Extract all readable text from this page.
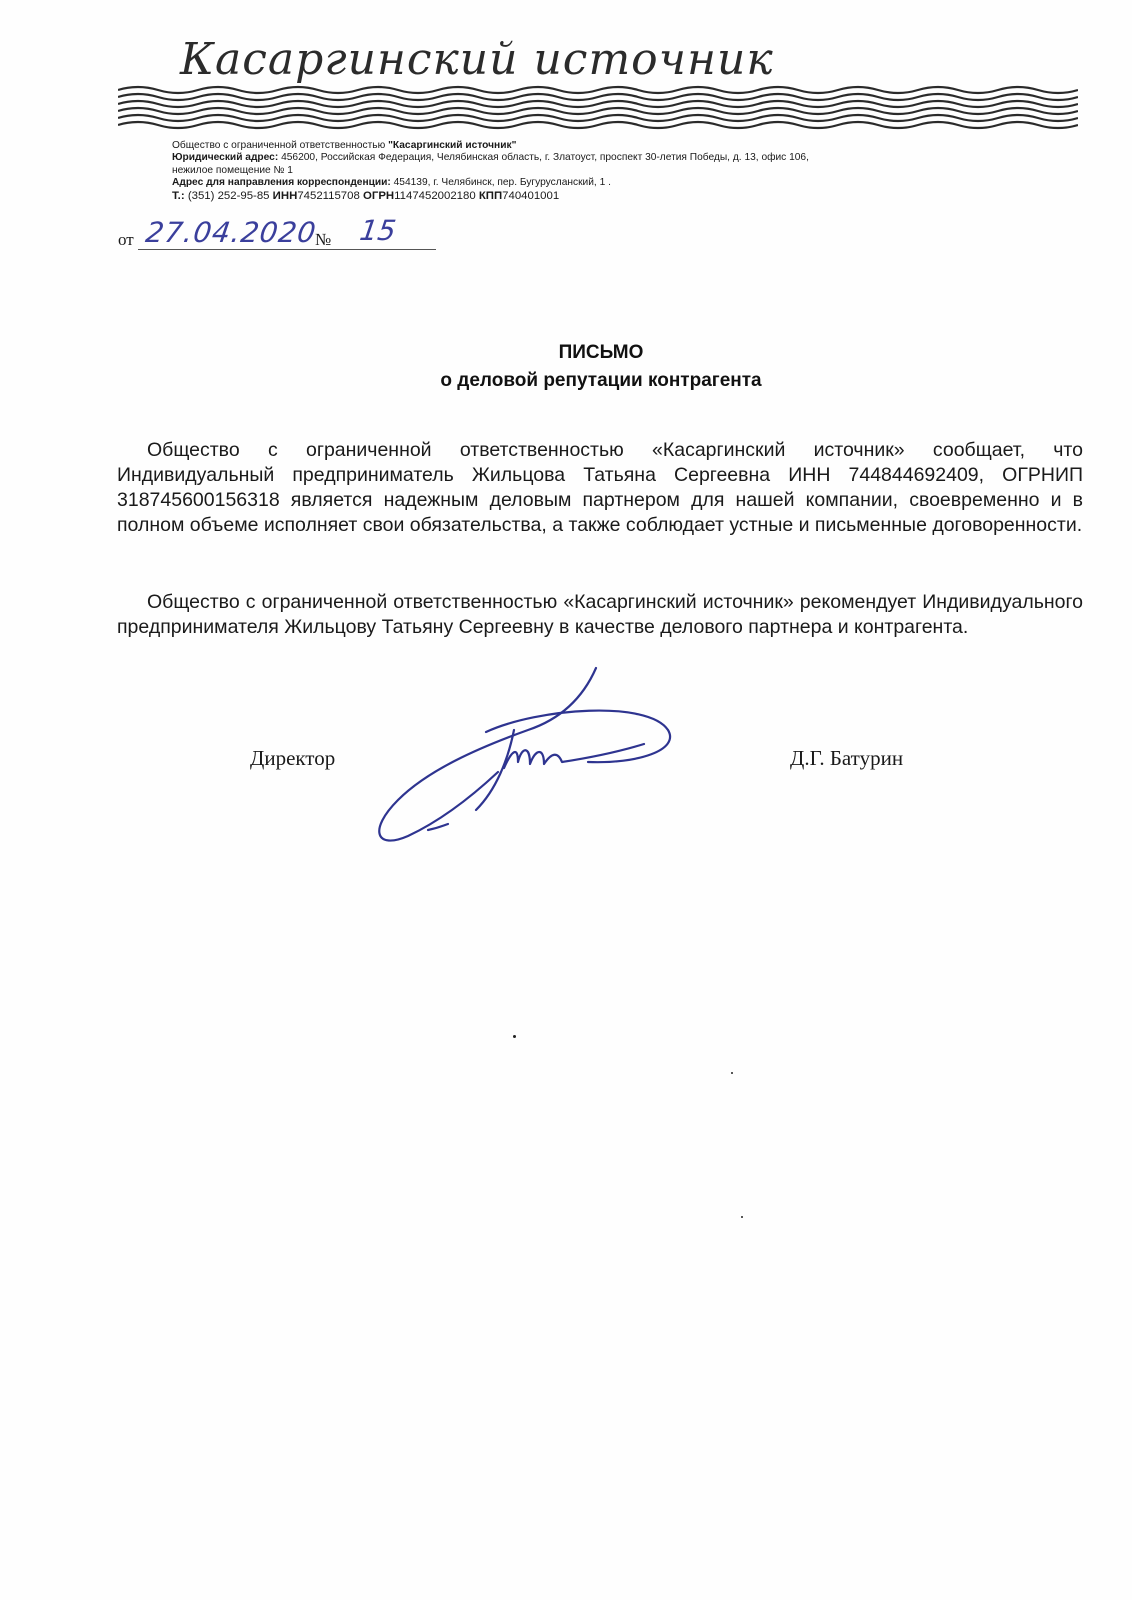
Касаргинский источник
Общество с ограниченной ответственностью "Касаргинский источник"
Юридический адрес: 456200, Российская Федерация, Челябинская область, г. Златоуст, проспект 30-летия Победы, д. 13, офис 106,
нежилое помещение № 1
Адрес для направления корреспонденции: 454139, г. Челябинск, пер. Бугурусланский, 1 .
Т.: (351) 252-95-85 ИНН7452115708 ОГРН1147452002180 КПП740401001
от 27.04.2020
№ 15
ПИСЬМО
о деловой репутации контрагента
Общество с ограниченной ответственностью «Касаргинский источник» сообщает, что Индивидуальный предприниматель Жильцова Татьяна Сергеевна ИНН 744844692409, ОГРНИП 318745600156318 является надежным деловым партнером для нашей компании, своевременно и в полном объеме исполняет свои обязательства, а также соблюдает устные и письменные договоренности.
Общество с ограниченной ответственностью «Касаргинский источник» рекомендует Индивидуального предпринимателя Жильцову Татьяну Сергеевну в качестве делового партнера и контрагента.
Директор	Д.Г. Батурин
